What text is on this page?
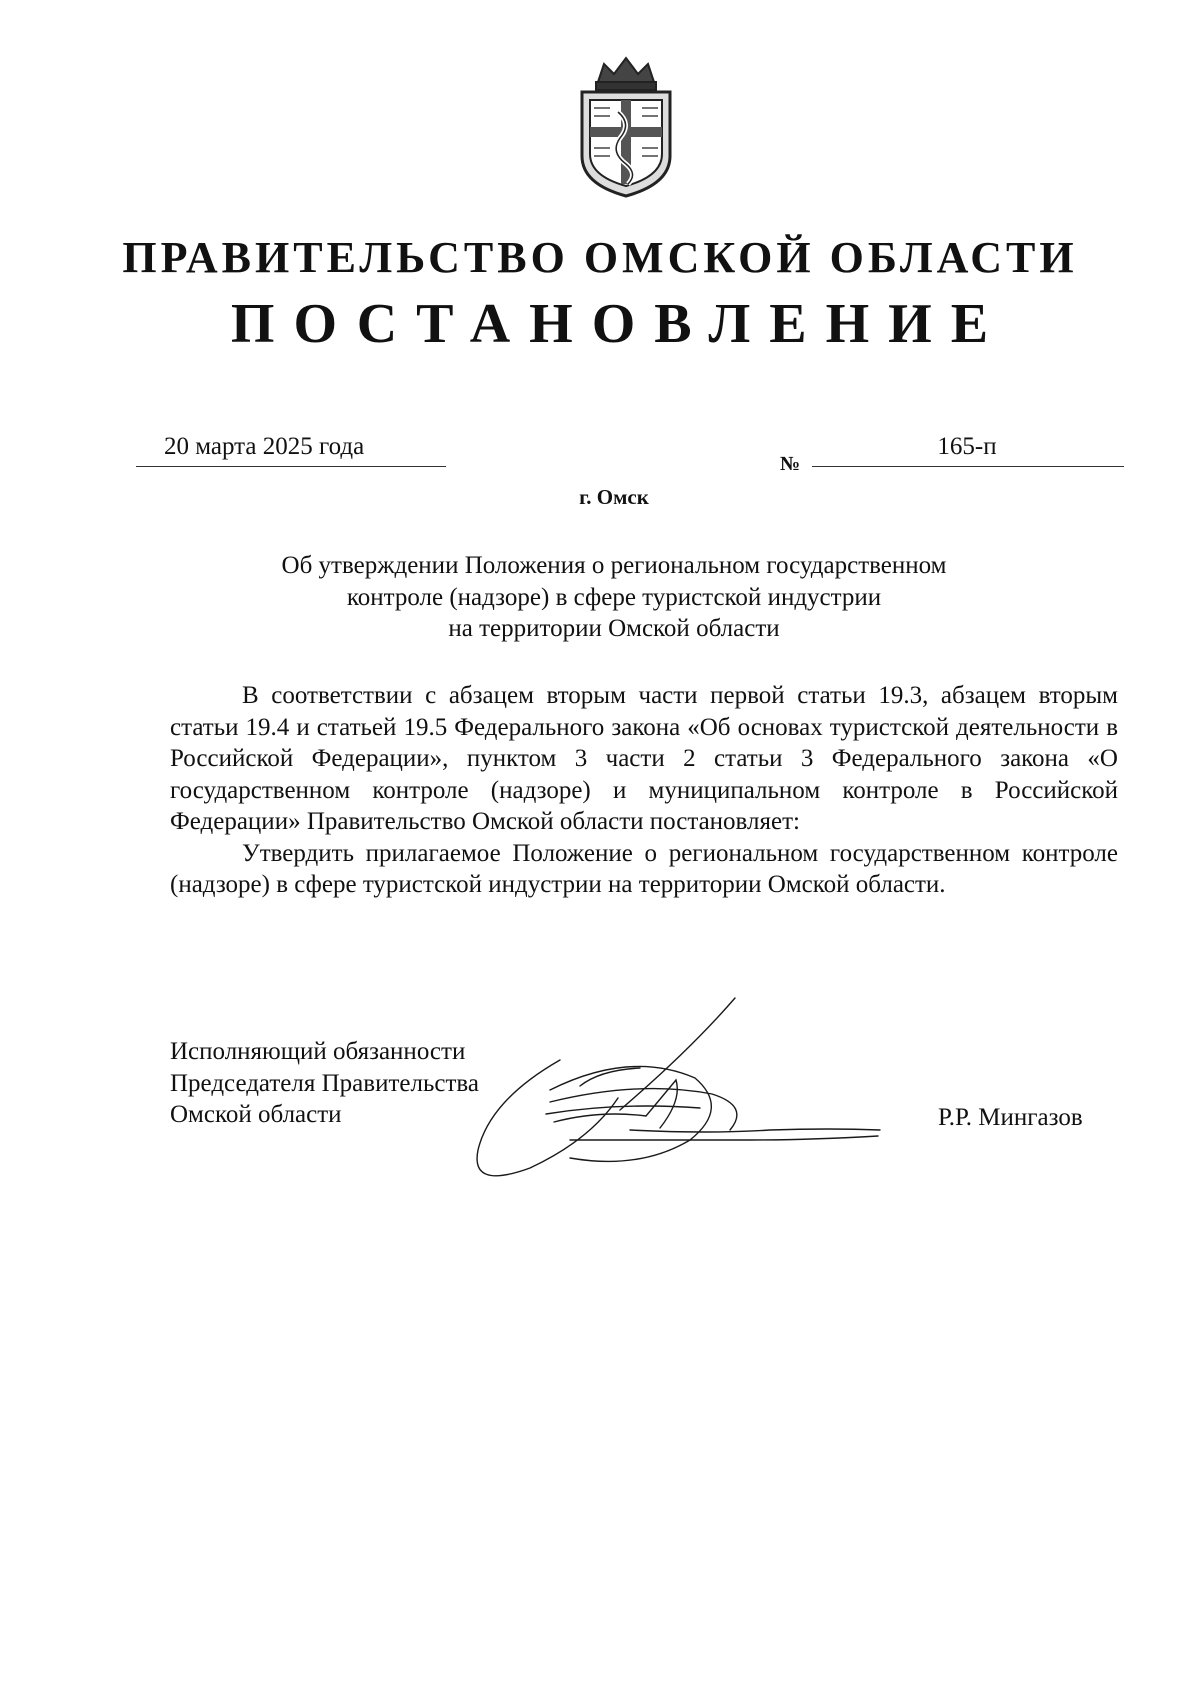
ПРАВИТЕЛЬСТВО ОМСКОЙ ОБЛАСТИ
ПОСТАНОВЛЕНИЕ
20 марта 2025 года
№
165-п
г. Омск
Об утверждении Положения о региональном государственном
контроле (надзоре) в сфере туристской индустрии
на территории Омской области

В соответствии с абзацем вторым части первой статьи 19.3, абзацем вторым статьи 19.4 и статьей 19.5 Федерального закона «Об основах туристской деятельности в Российской Федерации», пунктом 3 части 2 статьи 3 Федерального закона «О государственном контроле (надзоре) и муниципальном контроле в Российской Федерации» Правительство Омской области постановляет:

Утвердить прилагаемое Положение о региональном государственном контроле (надзоре) в сфере туристской индустрии на территории Омской области.

Исполняющий обязанности
Председателя Правительства
Омской области	Р.Р. Мингазов
